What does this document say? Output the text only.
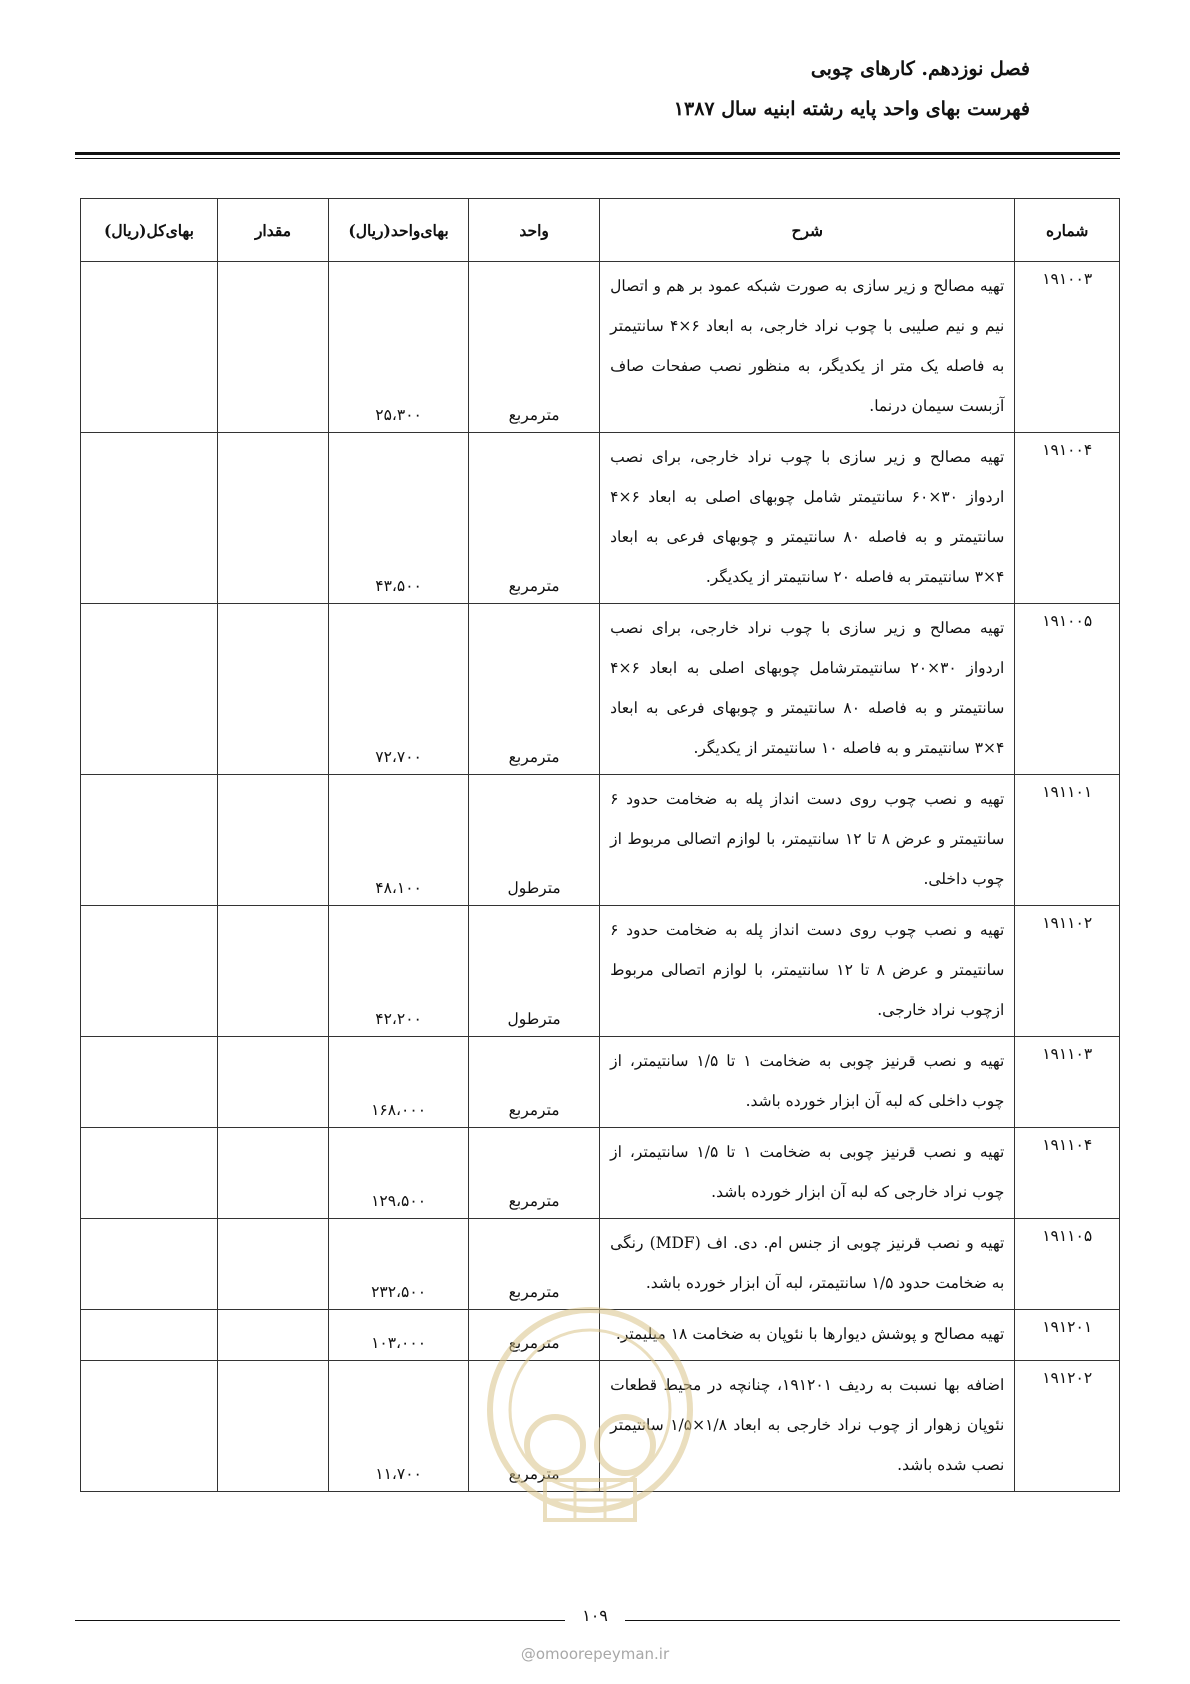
فصل نوزدهم. کارهای چوبی
فهرست بهای واحد پایه رشته ابنیه سال ۱۳۸۷
شماره	شرح	واحد	بهای‌واحد(ریال)	مقدار	بهای‌کل(ریال)
۱۹۱۰۰۳	تهیه مصالح و زیر سازی به صورت شبکه عمود بر هم و اتصال نیم و نیم صلیبی با چوب نراد خارجی، به ابعاد ۶×۴ سانتیمتر به فاصله یک متر از یکدیگر، به منظور نصب صفحات صاف آزبست سیمان درنما.	مترمربع	۲۵،۳۰۰		
۱۹۱۰۰۴	تهیه مصالح و زیر سازی با چوب نراد خارجی، برای نصب اردواز ۳۰×۶۰ سانتیمتر شامل چوبهای اصلی به ابعاد ۶×۴ سانتیمتر و به فاصله ۸۰ سانتیمتر و چوبهای فرعی به ابعاد ۴×۳ سانتیمتر به فاصله ۲۰ سانتیمتر از یکدیگر.	مترمربع	۴۳،۵۰۰		
۱۹۱۰۰۵	تهیه مصالح و زیر سازی با چوب نراد خارجی، برای نصب اردواز ۳۰×۲۰ سانتیمترشامل چوبهای اصلی به ابعاد ۶×۴ سانتیمتر و به فاصله ۸۰ سانتیمتر و چوبهای فرعی به ابعاد ۴×۳ سانتیمتر و به فاصله ۱۰ سانتیمتر از یکدیگر.	مترمربع	۷۲،۷۰۰		
۱۹۱۱۰۱	تهیه و نصب چوب روی دست انداز پله به ضخامت حدود ۶ سانتیمتر و عرض ۸ تا ۱۲ سانتیمتر، با لوازم اتصالی مربوط از چوب داخلی.	مترطول	۴۸،۱۰۰		
۱۹۱۱۰۲	تهیه و نصب چوب روی دست انداز پله به ضخامت حدود ۶ سانتیمتر و عرض ۸ تا ۱۲ سانتیمتر، با لوازم اتصالی مربوط ازچوب نراد خارجی.	مترطول	۴۲،۲۰۰		
۱۹۱۱۰۳	تهیه و نصب قرنیز چوبی به ضخامت ۱ تا ۱/۵ سانتیمتر، از چوب داخلی که لبه آن ابزار خورده باشد.	مترمربع	۱۶۸،۰۰۰		
۱۹۱۱۰۴	تهیه و نصب قرنیز چوبی به ضخامت ۱ تا ۱/۵ سانتیمتر، از چوب نراد خارجی که لبه آن ابزار خورده باشد.	مترمربع	۱۲۹،۵۰۰		
۱۹۱۱۰۵	تهیه و نصب قرنیز چوبی از جنس ام. دی. اف (MDF) رنگی به ضخامت حدود ۱/۵ سانتیمتر، لبه آن ابزار خورده باشد.	مترمربع	۲۳۲،۵۰۰		
۱۹۱۲۰۱	تهیه مصالح و پوشش دیوارها با نئوپان به ضخامت ۱۸ میلیمتر.	مترمربع	۱۰۳،۰۰۰		
۱۹۱۲۰۲	اضافه بها نسبت به ردیف ۱۹۱۲۰۱، چنانچه در محیط قطعات نئوپان زهوار از چوب نراد خارجی به ابعاد ۱/۸×۱/۵ سانتیمتر نصب شده باشد.	مترمربع	۱۱،۷۰۰		
۱۰۹
@omoorepeyman.ir
